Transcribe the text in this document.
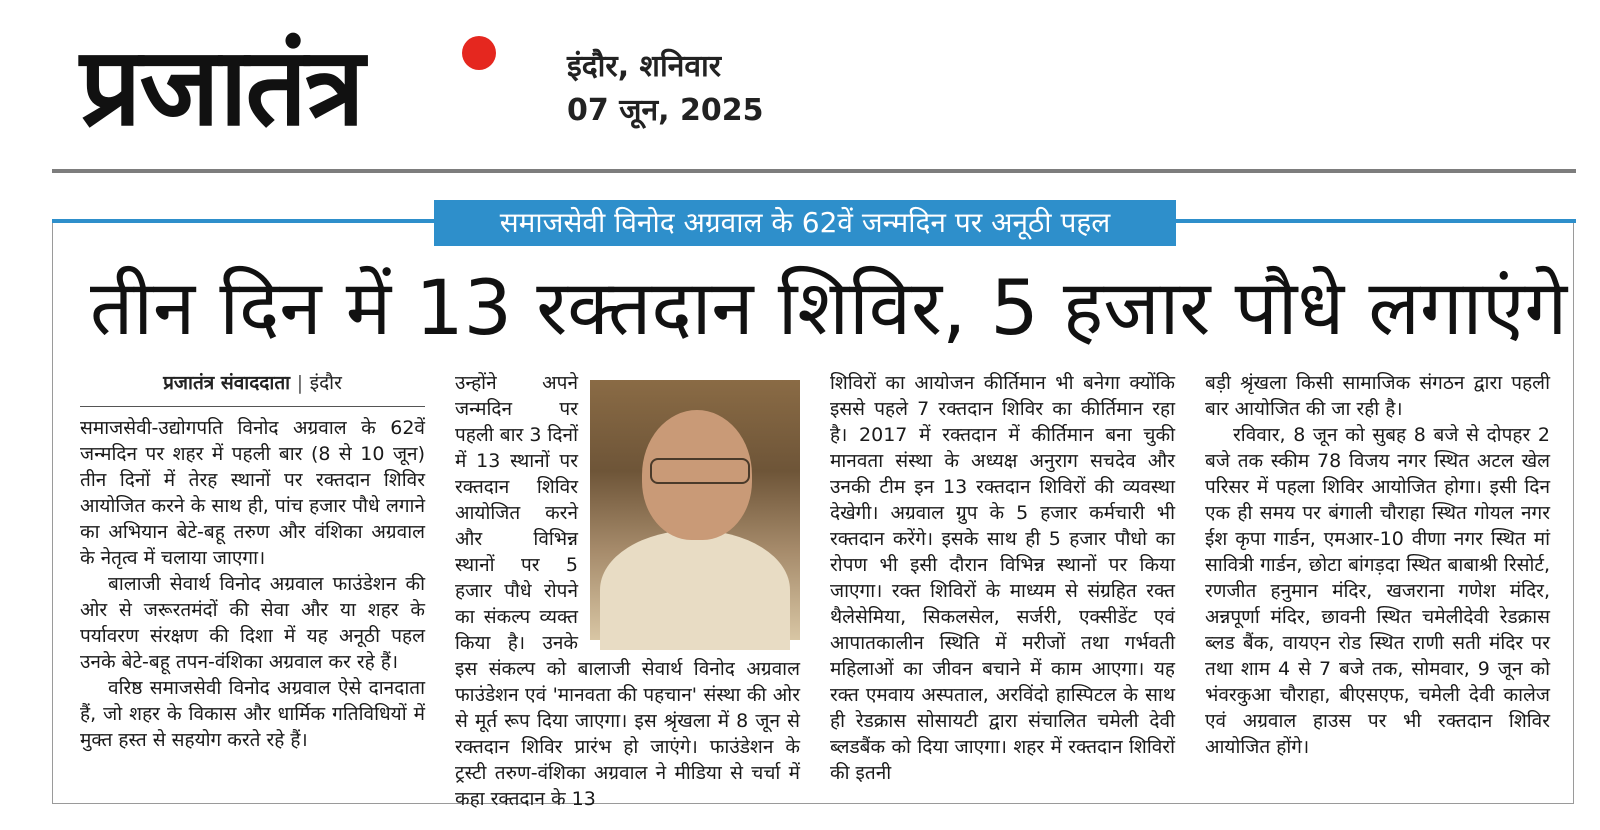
प्रजातंत्र	इंदौर, शनिवार
07 जून, 2025
समाजसेवी विनोद अग्रवाल के 62वें जन्मदिन पर अनूठी पहल
तीन दिन में 13 रक्तदान शिविर, 5 हजार पौधे लगाएंगे
प्रजातंत्र संवाददाता | इंदौर

समाजसेवी-उद्योगपति विनोद अग्रवाल के 62वें जन्मदिन पर शहर में पहली बार (8 से 10 जून) तीन दिनों में तेरह स्थानों पर रक्तदान शिविर आयोजित करने के साथ ही, पांच हजार पौधे लगाने का अभियान बेटे-बहू तरुण और वंशिका अग्रवाल के नेतृत्व में चलाया जाएगा।

बालाजी सेवार्थ विनोद अग्रवाल फाउंडेशन की ओर से जरूरतमंदों की सेवा और या शहर के पर्यावरण संरक्षण की दिशा में यह अनूठी पहल उनके बेटे-बहू तपन-वंशिका अग्रवाल कर रहे हैं।

वरिष्ठ समाजसेवी विनोद अग्रवाल ऐसे दानदाता हैं, जो शहर के विकास और धार्मिक गतिविधियों में मुक्त हस्त से सहयोग करते रहे हैं।

उन्होंने अपने जन्मदिन पर पहली बार 3 दिनों में 13 स्थानों पर रक्तदान शिविर आयोजित करने और विभिन्न स्थानों पर 5 हजार पौधे रोपने का संकल्प व्यक्त किया है। उनके इस संकल्प को बालाजी सेवार्थ विनोद अग्रवाल फाउंडेशन एवं 'मानवता की पहचान' संस्था की ओर से मूर्त रूप दिया जाएगा। इस श्रृंखला में 8 जून से रक्तदान शिविर प्रारंभ हो जाएंगे। फाउंडेशन के ट्रस्टी तरुण-वंशिका अग्रवाल ने मीडिया से चर्चा में कहा रक्तदान के 13

शिविरों का आयोजन कीर्तिमान भी बनेगा क्योंकि इससे पहले 7 रक्तदान शिविर का कीर्तिमान रहा है। 2017 में रक्तदान में कीर्तिमान बना चुकी मानवता संस्था के अध्यक्ष अनुराग सचदेव और उनकी टीम इन 13 रक्तदान शिविरों की व्यवस्था देखेगी। अग्रवाल ग्रुप के 5 हजार कर्मचारी भी रक्तदान करेंगे। इसके साथ ही 5 हजार पौधो का रोपण भी इसी दौरान विभिन्न स्थानों पर किया जाएगा। रक्त शिविरों के माध्यम से संग्रहित रक्त थैलेसेमिया, सिकलसेल, सर्जरी, एक्सीडेंट एवं आपातकालीन स्थिति में मरीजों तथा गर्भवती महिलाओं का जीवन बचाने में काम आएगा। यह रक्त एमवाय अस्पताल, अरविंदो हास्पिटल के साथ ही रेडक्रास सोसायटी द्वारा संचालित चमेली देवी ब्लडबैंक को दिया जाएगा। शहर में रक्तदान शिविरों की इतनी

बड़ी श्रृंखला किसी सामाजिक संगठन द्वारा पहली बार आयोजित की जा रही है।

रविवार, 8 जून को सुबह 8 बजे से दोपहर 2 बजे तक स्कीम 78 विजय नगर स्थित अटल खेल परिसर में पहला शिविर आयोजित होगा। इसी दिन एक ही समय पर बंगाली चौराहा स्थित गोयल नगर ईश कृपा गार्डन, एमआर-10 वीणा नगर स्थित मां सावित्री गार्डन, छोटा बांगड़दा स्थित बाबाश्री रिसोर्ट, रणजीत हनुमान मंदिर, खजराना गणेश मंदिर, अन्नपूर्णा मंदिर, छावनी स्थित चमेलीदेवी रेडक्रास ब्लड बैंक, वायएन रोड स्थित राणी सती मंदिर पर तथा शाम 4 से 7 बजे तक, सोमवार, 9 जून को भंवरकुआ चौराहा, बीएसएफ, चमेली देवी कालेज एवं अग्रवाल हाउस पर भी रक्तदान शिविर आयोजित होंगे।
